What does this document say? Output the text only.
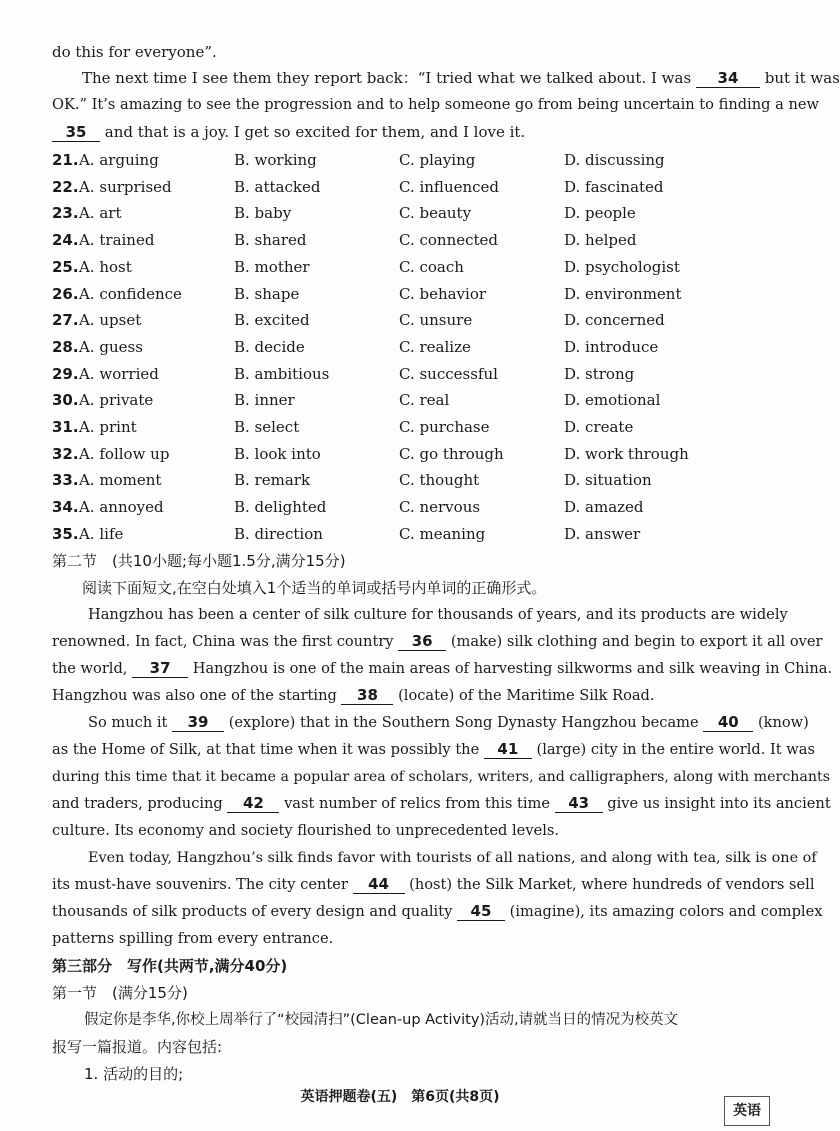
do this for everyone”.
The next time I see them they report back：“I tried what we talked about. I was 34 but it was
OK.” It’s amazing to see the progression and to help someone go from being uncertain to finding a new
35 and that is a joy. I get so excited for them, and I love it.
21. A. arguing	B. working	C. playing	D. discussing
22. A. surprised	B. attacked	C. influenced	D. fascinated
23. A. art	B. baby	C. beauty	D. people
24. A. trained	B. shared	C. connected	D. helped
25. A. host	B. mother	C. coach	D. psychologist
26. A. confidence	B. shape	C. behavior	D. environment
27. A. upset	B. excited	C. unsure	D. concerned
28. A. guess	B. decide	C. realize	D. introduce
29. A. worried	B. ambitious	C. successful	D. strong
30. A. private	B. inner	C. real	D. emotional
31. A. print	B. select	C. purchase	D. create
32. A. follow up	B. look into	C. go through	D. work through
33. A. moment	B. remark	C. thought	D. situation
34. A. annoyed	B. delighted	C. nervous	D. amazed
35. A. life	B. direction	C. meaning	D. answer
第二节　(共10小题;每小题1.5分,满分15分)
阅读下面短文,在空白处填入1个适当的单词或括号内单词的正确形式。
Hangzhou has been a center of silk culture for thousands of years, and its products are widely
renowned. In fact, China was the first country 36 (make) silk clothing and begin to export it all over
the world, 37 Hangzhou is one of the main areas of harvesting silkworms and silk weaving in China.
Hangzhou was also one of the starting 38 (locate) of the Maritime Silk Road.
So much it 39 (explore) that in the Southern Song Dynasty Hangzhou became 40 (know)
as the Home of Silk, at that time when it was possibly the 41 (large) city in the entire world. It was
during this time that it became a popular area of scholars, writers, and calligraphers, along with merchants
and traders, producing 42 vast number of relics from this time 43 give us insight into its ancient
culture. Its economy and society flourished to unprecedented levels.
Even today, Hangzhou’s silk finds favor with tourists of all nations, and along with tea, silk is one of
its must-have souvenirs. The city center 44 (host) the Silk Market, where hundreds of vendors sell
thousands of silk products of every design and quality 45 (imagine), its amazing colors and complex
patterns spilling from every entrance.
第三部分　写作(共两节,满分40分)
第一节　(满分15分)
假定你是李华,你校上周举行了“校园清扫”(Clean-up Activity)活动,请就当日的情况为校英文
报写一篇报道。内容包括:
1. 活动的目的;
英语押题卷(五)　第6页(共8页)
英语
